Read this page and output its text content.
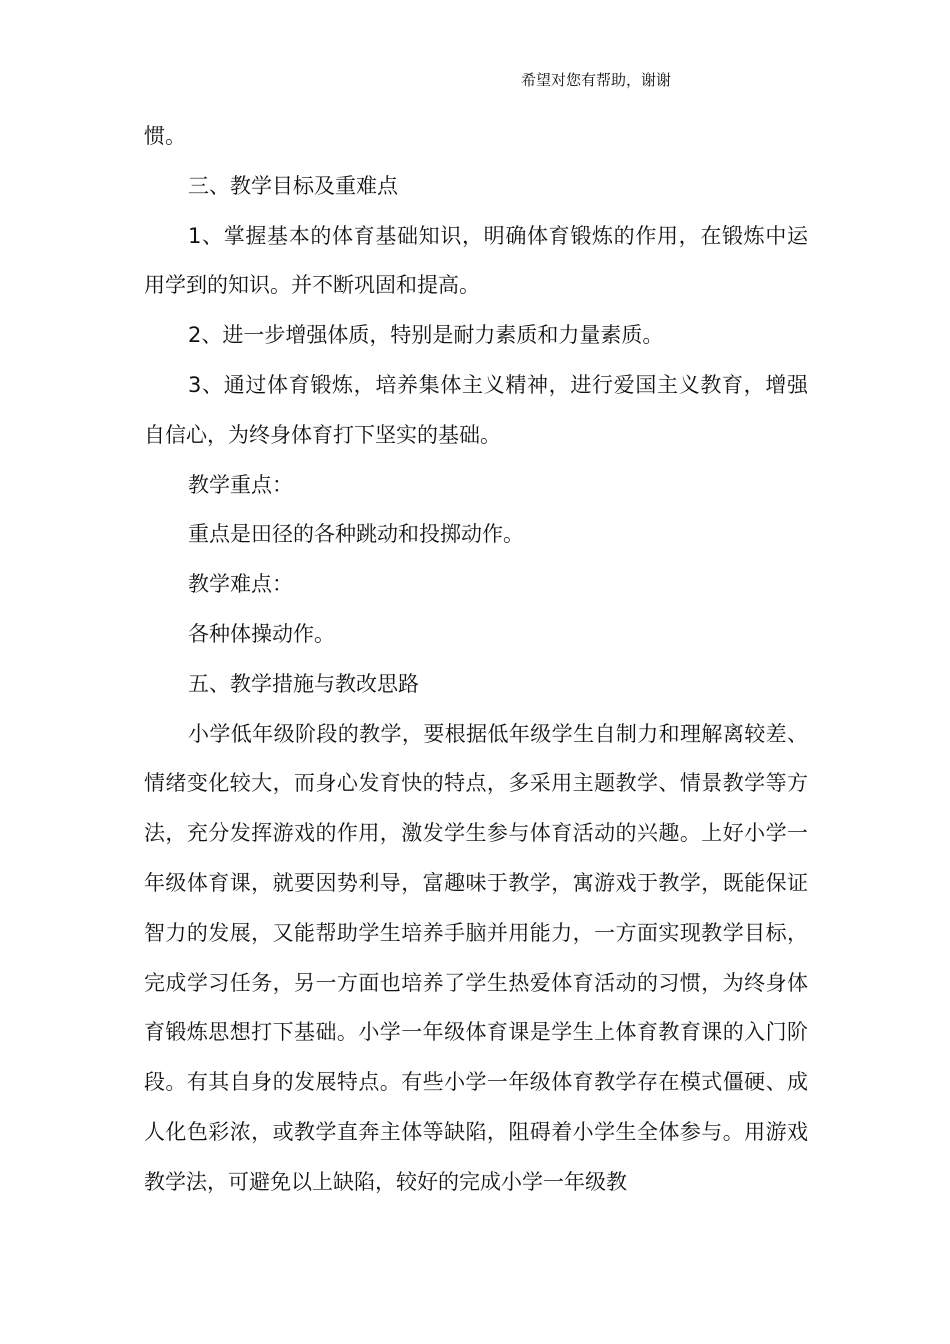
希望对您有帮助，谢谢

惯。

三、教学目标及重难点

1、掌握基本的体育基础知识，明确体育锻炼的作用，在锻炼中运用学到的知识。并不断巩固和提高。

2、进一步增强体质，特别是耐力素质和力量素质。

3、通过体育锻炼，培养集体主义精神，进行爱国主义教育，增强自信心，为终身体育打下坚实的基础。

教学重点：

重点是田径的各种跳动和投掷动作。

教学难点：

各种体操动作。

五、教学措施与教改思路

小学低年级阶段的教学，要根据低年级学生自制力和理解离较差、情绪变化较大，而身心发育快的特点，多采用主题教学、情景教学等方法，充分发挥游戏的作用，激发学生参与体育活动的兴趣。上好小学一年级体育课，就要因势利导，富趣味于教学，寓游戏于教学，既能保证智力的发展，又能帮助学生培养手脑并用能力，一方面实现教学目标，完成学习任务，另一方面也培养了学生热爱体育活动的习惯，为终身体育锻炼思想打下基础。小学一年级体育课是学生上体育教育课的入门阶段。有其自身的发展特点。有些小学一年级体育教学存在模式僵硬、成人化色彩浓，或教学直奔主体等缺陷，阻碍着小学生全体参与。用游戏教学法，可避免以上缺陷，较好的完成小学一年级教
